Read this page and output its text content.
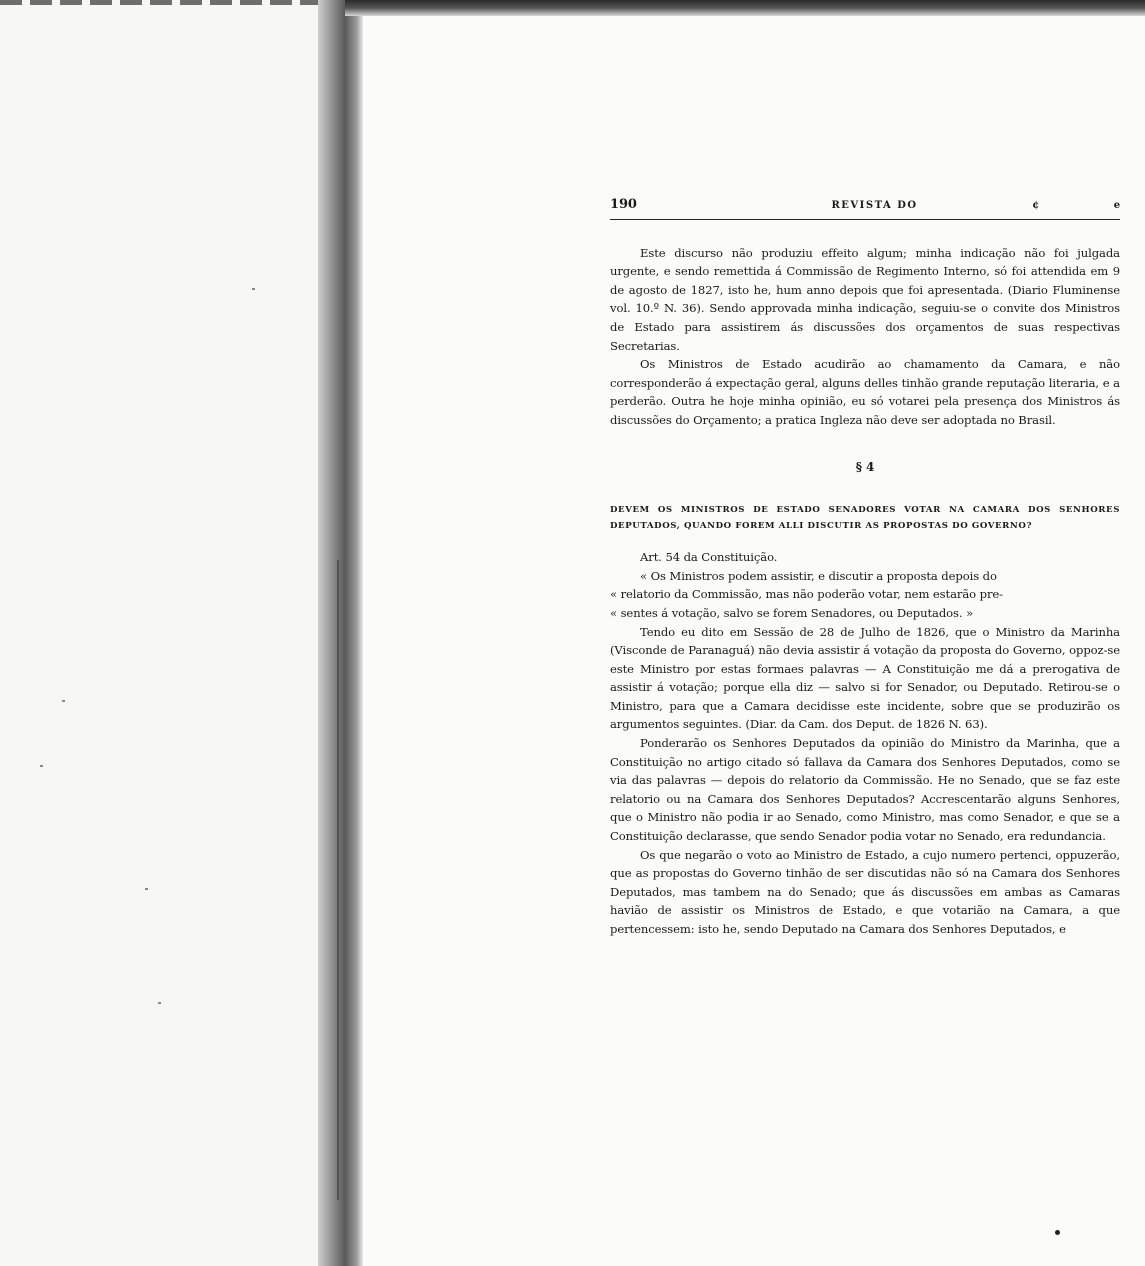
190	REVISTA DO	¢	e

Este discurso não produziu effeito algum; minha indicação não foi julgada urgente, e sendo remettida á Commissão de Regimento Interno, só foi attendida em 9 de agosto de 1827, isto he, hum anno depois que foi apresentada. (Diario Fluminense vol. 10.º N. 36). Sendo approvada minha indicação, seguiu-se o convite dos Ministros de Estado para assistirem ás discussões dos orçamentos de suas respectivas Secretarias.

Os Ministros de Estado acudirão ao chamamento da Camara, e não corresponderão á expectação geral, alguns delles tinhão grande reputação literaria, e a perderão. Outra he hoje minha opinião, eu só votarei pela presença dos Ministros ás discussões do Orçamento; a pratica Ingleza não deve ser adoptada no Brasil.

§ 4
DEVEM OS MINISTROS DE ESTADO SENADORES VOTAR NA CAMARA DOS SENHORES DEPUTADOS, QUANDO FOREM ALLI DISCUTIR AS PROPOSTAS DO GOVERNO?

Art. 54 da Constituição.

« Os Ministros podem assistir, e discutir a proposta depois do

« relatorio da Commissão, mas não poderão votar, nem estarão pre-

« sentes á votação, salvo se forem Senadores, ou Deputados. »

Tendo eu dito em Sessão de 28 de Julho de 1826, que o Ministro da Marinha (Visconde de Paranaguá) não devia assistir á votação da proposta do Governo, oppoz-se este Ministro por estas formaes palavras — A Constituição me dá a prerogativa de assistir á votação; porque ella diz — salvo si for Senador, ou Deputado. Retirou-se o Ministro, para que a Camara decidisse este incidente, sobre que se produzirão os argumentos seguintes. (Diar. da Cam. dos Deput. de 1826 N. 63).

Ponderarão os Senhores Deputados da opinião do Ministro da Marinha, que a Constituição no artigo citado só fallava da Camara dos Senhores Deputados, como se via das palavras — depois do relatorio da Commissão. He no Senado, que se faz este relatorio ou na Camara dos Senhores Deputados? Accrescentarão alguns Senhores, que o Ministro não podia ir ao Senado, como Ministro, mas como Senador, e que se a Constituição declarasse, que sendo Senador podia votar no Senado, era redundancia.

Os que negarão o voto ao Ministro de Estado, a cujo numero pertenci, oppuzerão, que as propostas do Governo tinhão de ser discutidas não só na Camara dos Senhores Deputados, mas tambem na do Senado; que ás discussões em ambas as Camaras havião de assistir os Ministros de Estado, e que votarião na Camara, a que pertencessem: isto he, sendo Deputado na Camara dos Senhores Deputados, e
